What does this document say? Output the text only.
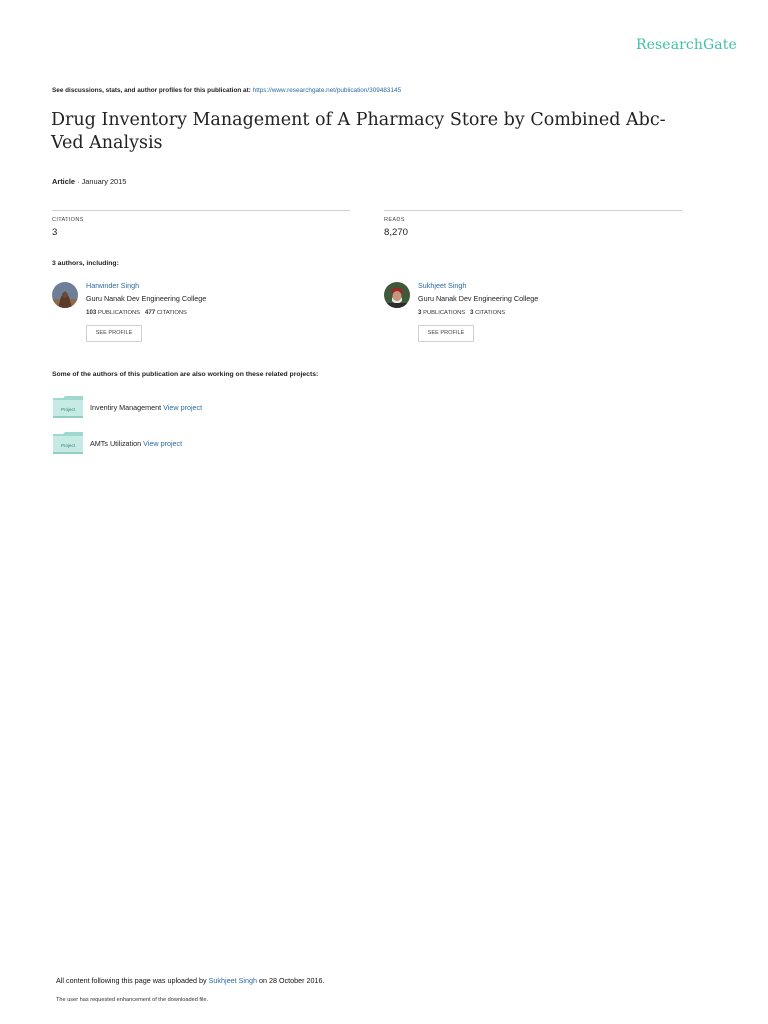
ResearchGate
See discussions, stats, and author profiles for this publication at: https://www.researchgate.net/publication/309483145
Drug Inventory Management of A Pharmacy Store by Combined Abc- Ved Analysis
Article · January 2015
CITATIONS
3
READS
8,270
3 authors, including:
Harwinder Singh
Guru Nanak Dev Engineering College
103 PUBLICATIONS 477 CITATIONS
SEE PROFILE
Sukhjeet Singh
Guru Nanak Dev Engineering College
3 PUBLICATIONS 3 CITATIONS
SEE PROFILE
Some of the authors of this publication are also working on these related projects:
Project Inventiry Management View project
Project AMTs Utilization View project
All content following this page was uploaded by Sukhjeet Singh on 28 October 2016.
The user has requested enhancement of the downloaded file.
